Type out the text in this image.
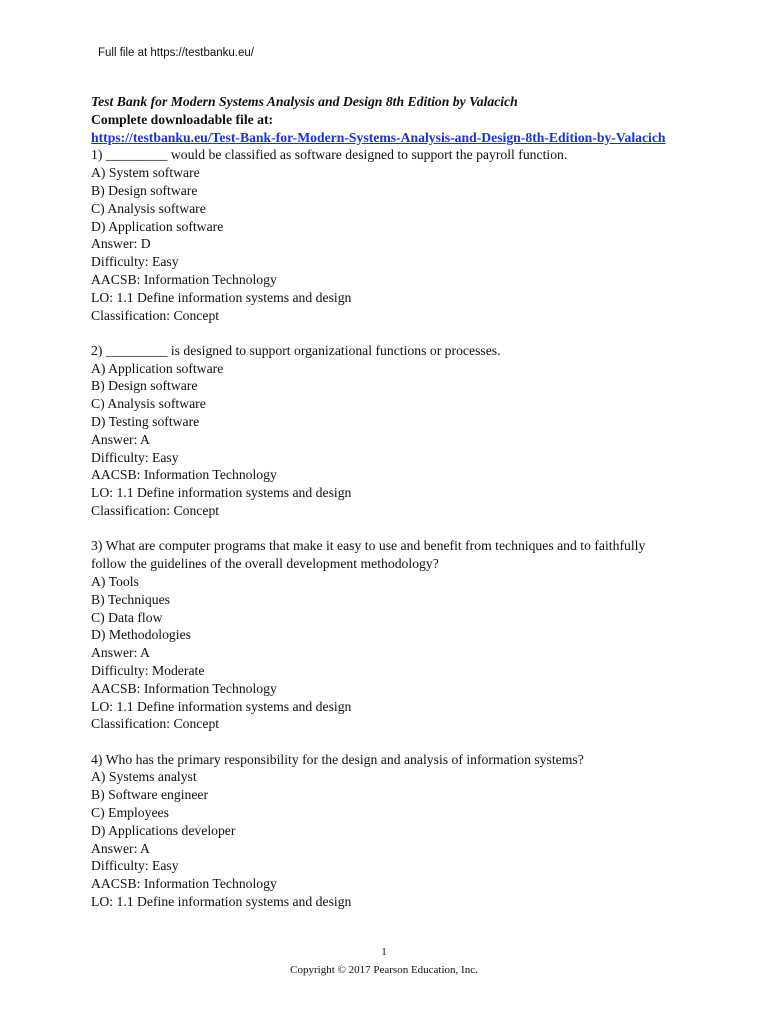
Full file at https://testbanku.eu/
Test Bank for Modern Systems Analysis and Design 8th Edition by Valacich
Complete downloadable file at:
https://testbanku.eu/Test-Bank-for-Modern-Systems-Analysis-and-Design-8th-Edition-by-Valacich
1) _________ would be classified as software designed to support the payroll function.
A) System software
B) Design software
C) Analysis software
D) Application software
Answer: D
Difficulty: Easy
AACSB: Information Technology
LO: 1.1 Define information systems and design
Classification: Concept
2) _________ is designed to support organizational functions or processes.
A) Application software
B) Design software
C) Analysis software
D) Testing software
Answer: A
Difficulty: Easy
AACSB: Information Technology
LO: 1.1 Define information systems and design
Classification: Concept
3) What are computer programs that make it easy to use and benefit from techniques and to faithfully follow the guidelines of the overall development methodology?
A) Tools
B) Techniques
C) Data flow
D) Methodologies
Answer: A
Difficulty: Moderate
AACSB: Information Technology
LO: 1.1 Define information systems and design
Classification: Concept
4) Who has the primary responsibility for the design and analysis of information systems?
A) Systems analyst
B) Software engineer
C) Employees
D) Applications developer
Answer: A
Difficulty: Easy
AACSB: Information Technology
LO: 1.1 Define information systems and design
1
Copyright © 2017 Pearson Education, Inc.
